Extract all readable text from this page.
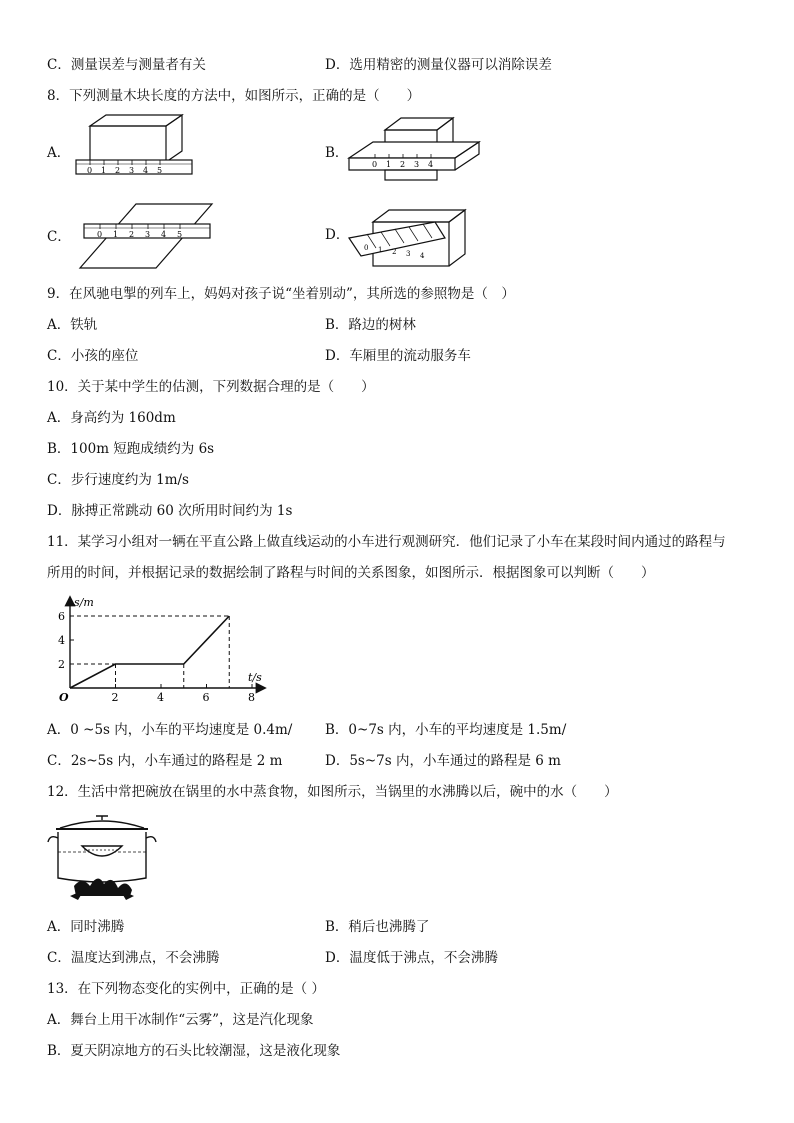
C．测量误差与测量者有关	D．选用精密的测量仪器可以消除误差
8．下列测量木块长度的方法中，如图所示，正确的是（　　）
A．	B．
C．	D．
0 1 2 3 4 5
0 1 2 3 4
0 1 2 3 4 5
0 1 2 3 4
9．在风驰电掣的列车上，妈妈对孩子说“坐着别动”，其所选的参照物是（　）
A．铁轨	B．路边的树林
C．小孩的座位	D．车厢里的流动服务车
10．关于某中学生的估测，下列数据合理的是（　　）
A．身高约为 160dm
B．100m 短跑成绩约为 6s
C．步行速度约为 1m/s
D．脉搏正常跳动 60 次所用时间约为 1s
11．某学习小组对一辆在平直公路上做直线运动的小车进行观测研究．他们记录了小车在某段时间内通过的路程与
所用的时间，并根据记录的数据绘制了路程与时间的关系图象，如图所示．根据图象可以判断（　　）
s/m
t/s
O	2	4	6	8
2
4
6
A．0 ~5s 内，小车的平均速度是 0.4m/ B．0~7s 内，小车的平均速度是 1.5m/
C．2s~5s 内，小车通过的路程是 2 m	D．5s~7s 内，小车通过的路程是 6 m
12．生活中常把碗放在锅里的水中蒸食物，如图所示，当锅里的水沸腾以后，碗中的水（　　）
A．同时沸腾	B．稍后也沸腾了
C．温度达到沸点，不会沸腾	D．温度低于沸点，不会沸腾
13．在下列物态变化的实例中，正确的是（ ）
A．舞台上用干冰制作“云雾”，这是汽化现象
B．夏天阴凉地方的石头比较潮湿，这是液化现象
